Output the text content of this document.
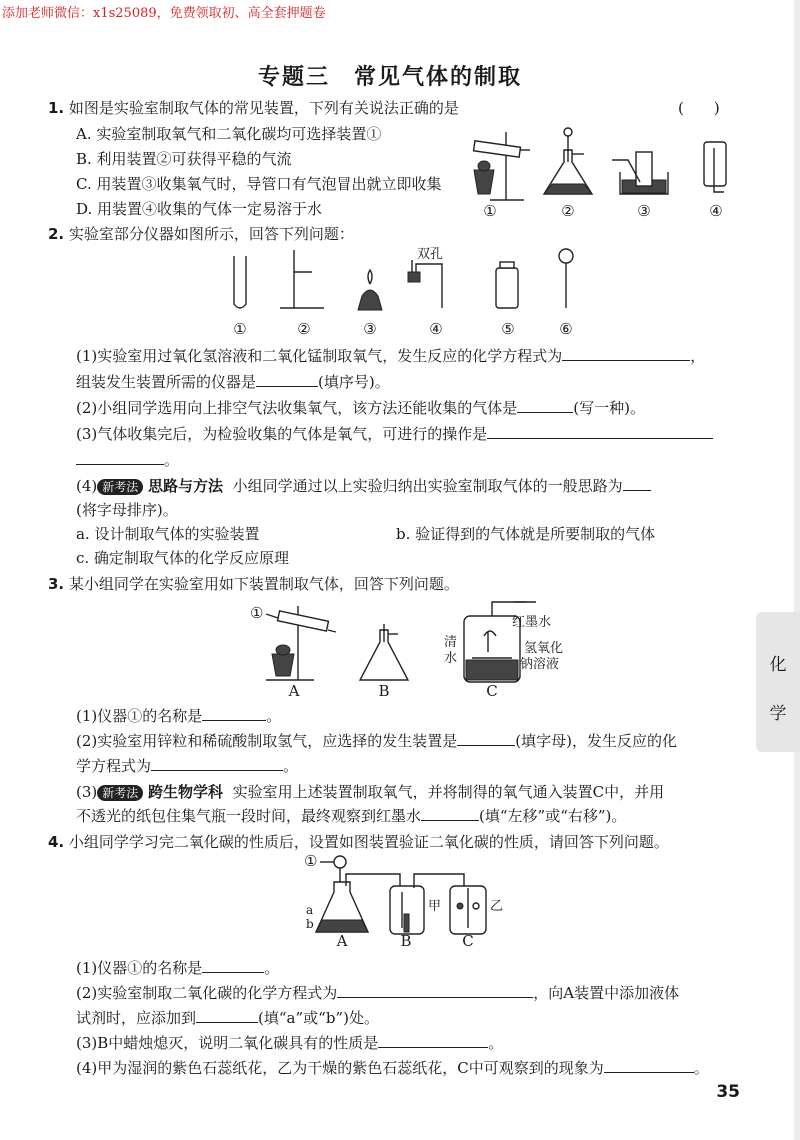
添加老师微信：x1s25089，免费领取初、高全套押题卷
专题三　常见气体的制取
1. 如图是实验室制取气体的常见装置，下列有关说法正确的是	(　　)
A. 实验室制取氧气和二氧化碳均可选择装置①
B. 利用装置②可获得平稳的气流
C. 用装置③收集氧气时，导管口有气泡冒出就立即收集
D. 用装置④收集的气体一定易溶于水	①	②	③	④
2. 实验室部分仪器如图所示，回答下列问题：
双孔
①	②	③	④	⑤	⑥
(1)实验室用过氧化氢溶液和二氧化锰制取氧气，发生反应的化学方程式为	，
组装发生装置所需的仪器是	(填序号)。
(2)小组同学选用向上排空气法收集氧气，该方法还能收集的气体是	(写一种)。
(3)气体收集完后，为检验收集的气体是氧气，可进行的操作是
。
(4) 新考法 思路与方法 小组同学通过以上实验归纳出实验室制取气体的一般思路为
(将字母排序)。
a. 设计制取气体的实验装置	b. 验证得到的气体就是所要制取的气体
c. 确定制取气体的化学反应原理
3. 某小组同学在实验室用如下装置制取气体，回答下列问题。
①
红墨水
清
水
氢氧化
钠溶液
A	B	C
(1)仪器①的名称是	。
(2)实验室用锌粒和稀硫酸制取氢气，应选择的发生装置是	(填字母)，发生反应的化
学方程式为	。
(3) 新考法 跨生物学科 实验室用上述装置制取氧气，并将制得的氧气通入装置C中，并用
不透光的纸包住集气瓶一段时间，最终观察到红墨水	(填“左移”或“右移”)。
4. 小组同学学习完二氧化碳的性质后，设置如图装置验证二氧化碳的性质，请回答下列问题。
①
a
b
甲	乙
A	B	C
(1)仪器①的名称是	。
(2)实验室制取二氧化碳的化学方程式为	，向A装置中添加液体
试剂时，应添加到	(填“a”或“b”)处。
(3)B中蜡烛熄灭，说明二氧化碳具有的性质是	。
(4)甲为湿润的紫色石蕊纸花，乙为干燥的紫色石蕊纸花，C中可观察到的现象为	。
化
学
35
